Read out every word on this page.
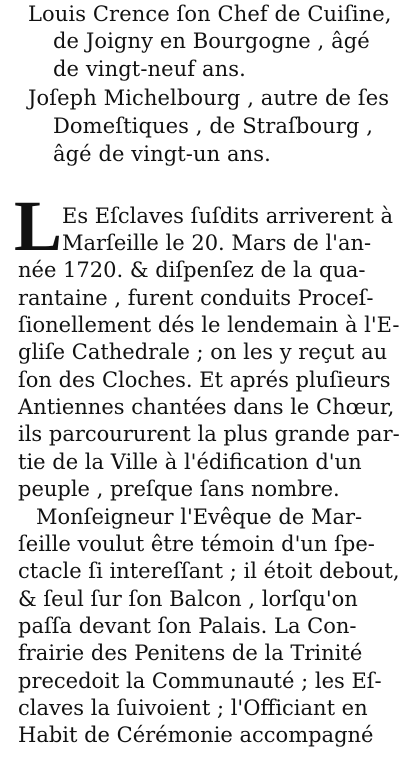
Louis Crence ſon Chef de Cuiſine,
de Joigny en Bourgogne , âgé
de vingt-neuf ans.
Joſeph Michelbourg , autre de ſes
Domeſtiques , de Straſbourg ,
âgé de vingt-un ans.
L Es Eſclaves ſuſdits arriverent à
Marſeille le 20. Mars de l'an-
née 1720. & diſpenſez de la qua-
rantaine , furent conduits Proceſ-
ſionellement dés le lendemain à l'E-
gliſe Cathedrale ; on les y reçut au
ſon des Cloches. Et aprés pluſieurs
Antiennes chantées dans le Chœur,
ils parcoururent la plus grande par-
tie de la Ville à l'édification d'un
peuple , preſque ſans nombre.
Monſeigneur l'Evêque de Mar-
ſeille voulut être témoin d'un ſpe-
ctacle ſi intereſſant ; il étoit debout,
& ſeul ſur ſon Balcon , lorſqu'on
paſſa devant ſon Palais. La Con-
frairie des Penitens de la Trinité
precedoit la Communauté ; les Eſ-
claves la ſuivoient ; l'Officiant en
Habit de Cérémonie accompagné
